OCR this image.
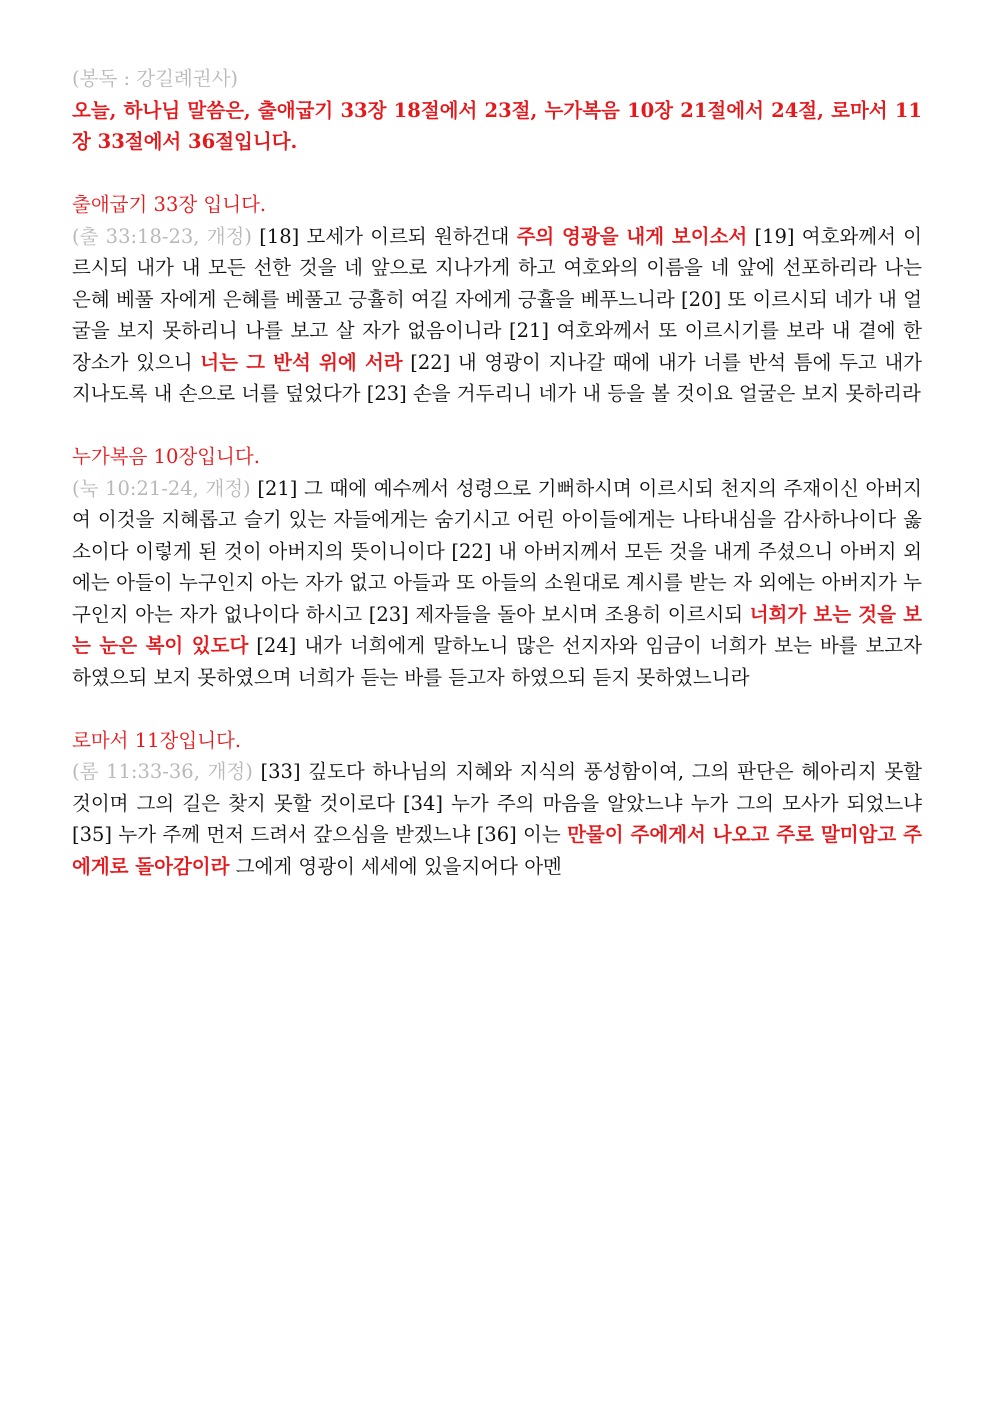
(봉독 : 강길례권사)

오늘, 하나님 말씀은, 출애굽기 33장 18절에서 23절, 누가복음 10장 21절에서 24절, 로마서 11장 33절에서 36절입니다.

출애굽기 33장 입니다.

(출 33:18-23, 개정) [18] 모세가 이르되 원하건대 주의 영광을 내게 보이소서 [19] 여호와께서 이르시되 내가 내 모든 선한 것을 네 앞으로 지나가게 하고 여호와의 이름을 네 앞에 선포하리라 나는 은혜 베풀 자에게 은혜를 베풀고 긍휼히 여길 자에게 긍휼을 베푸느니라 [20] 또 이르시되 네가 내 얼굴을 보지 못하리니 나를 보고 살 자가 없음이니라 [21] 여호와께서 또 이르시기를 보라 내 곁에 한 장소가 있으니 너는 그 반석 위에 서라 [22] 내 영광이 지나갈 때에 내가 너를 반석 틈에 두고 내가 지나도록 내 손으로 너를 덮었다가 [23] 손을 거두리니 네가 내 등을 볼 것이요 얼굴은 보지 못하리라

누가복음 10장입니다.

(눅 10:21-24, 개정) [21] 그 때에 예수께서 성령으로 기뻐하시며 이르시되 천지의 주재이신 아버지여 이것을 지혜롭고 슬기 있는 자들에게는 숨기시고 어린 아이들에게는 나타내심을 감사하나이다 옳소이다 이렇게 된 것이 아버지의 뜻이니이다 [22] 내 아버지께서 모든 것을 내게 주셨으니 아버지 외에는 아들이 누구인지 아는 자가 없고 아들과 또 아들의 소원대로 계시를 받는 자 외에는 아버지가 누구인지 아는 자가 없나이다 하시고 [23] 제자들을 돌아 보시며 조용히 이르시되 너희가 보는 것을 보는 눈은 복이 있도다 [24] 내가 너희에게 말하노니 많은 선지자와 임금이 너희가 보는 바를 보고자 하였으되 보지 못하였으며 너희가 듣는 바를 듣고자 하였으되 듣지 못하였느니라

로마서 11장입니다.

(롬 11:33-36, 개정) [33] 깊도다 하나님의 지혜와 지식의 풍성함이여, 그의 판단은 헤아리지 못할 것이며 그의 길은 찾지 못할 것이로다 [34] 누가 주의 마음을 알았느냐 누가 그의 모사가 되었느냐 [35] 누가 주께 먼저 드려서 갚으심을 받겠느냐 [36] 이는 만물이 주에게서 나오고 주로 말미암고 주에게로 돌아감이라 그에게 영광이 세세에 있을지어다 아멘
